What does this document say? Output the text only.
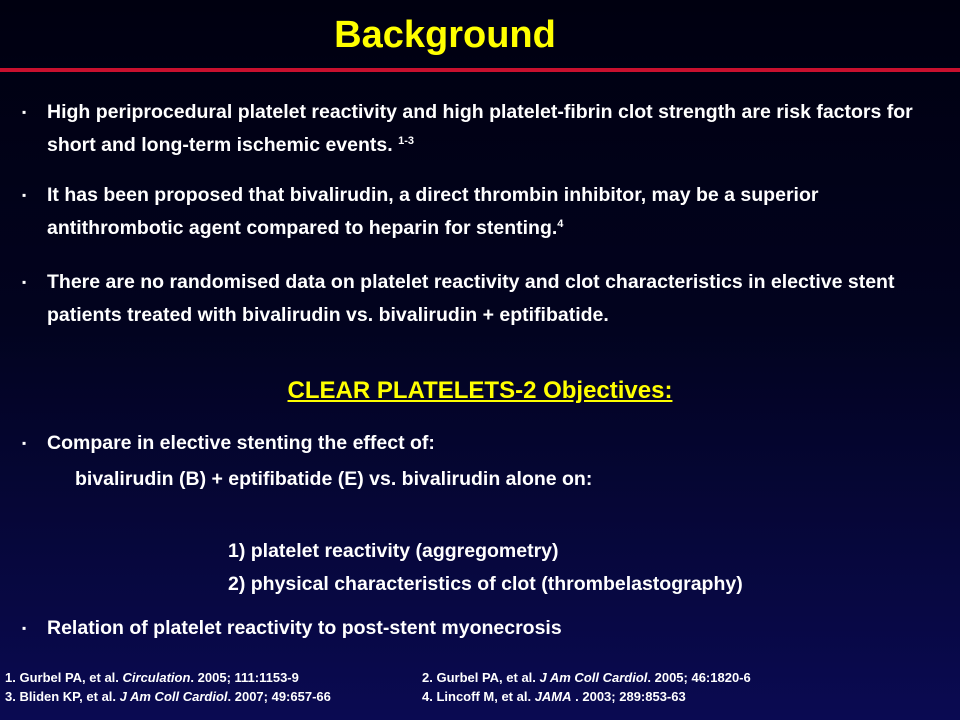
Background
▪ High periprocedural platelet reactivity and high platelet-fibrin clot strength are risk factors for short and long-term ischemic events. $^{1-3}$
▪ It has been proposed that bivalirudin, a direct thrombin inhibitor, may be a superior antithrombotic agent compared to heparin for stenting.$^4$
▪ There are no randomised data on platelet reactivity and clot characteristics in elective stent patients treated with bivalirudin vs. bivalirudin + eptifibatide.
CLEAR PLATELETS-2 Objectives:
▪ Compare in elective stenting the effect of:
bivalirudin (B) + eptifibatide (E) vs. bivalirudin alone on:
1) platelet reactivity (aggregometry)
2) physical characteristics of clot (thrombelastography)
▪ Relation of platelet reactivity to post-stent myonecrosis
1. Gurbel PA, et al. Circulation. 2005; 111:1153-9	2. Gurbel PA, et al. J Am Coll Cardiol. 2005; 46:1820-6
3. Bliden KP, et al. J Am Coll Cardiol. 2007; 49:657-66	4. Lincoff M, et al. JAMA . 2003; 289:853-63
